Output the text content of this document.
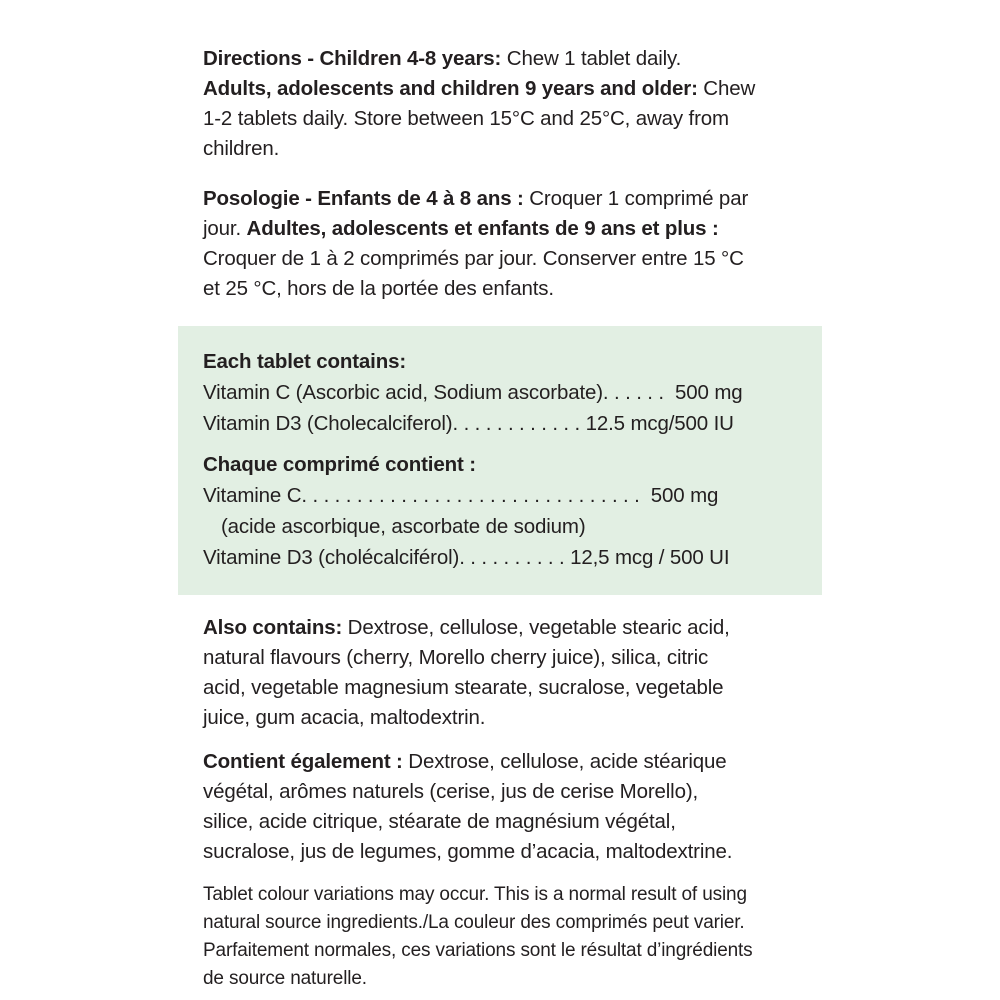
Directions - Children 4-8 years: Chew 1 tablet daily.

Adults, adolescents and children 9 years and older: Chew

1-2 tablets daily. Store between 15°C and 25°C, away from

children.

Posologie - Enfants de 4 à 8 ans : Croquer 1 comprimé par

jour. Adultes, adolescents et enfants de 9 ans et plus :

Croquer de 1 à 2 comprimés par jour. Conserver entre 15 °C

et 25 °C, hors de la portée des enfants.

Each tablet contains:

Vitamin C (Ascorbic acid, Sodium ascorbate). . . . . . 500 mg

Vitamin D3 (Cholecalciferol). . . . . . . . . . . . 12.5 mcg/500 IU

Chaque comprimé contient :

Vitamine C. . . . . . . . . . . . . . . . . . . . . . . . . . . . . . . 500 mg

(acide ascorbique, ascorbate de sodium)

Vitamine D3 (cholécalciférol). . . . . . . . . . 12,5 mcg / 500 UI

Also contains: Dextrose, cellulose, vegetable stearic acid,

natural flavours (cherry, Morello cherry juice), silica, citric

acid, vegetable magnesium stearate, sucralose, vegetable

juice, gum acacia, maltodextrin.

Contient également : Dextrose, cellulose, acide stéarique

végétal, arômes naturels (cerise, jus de cerise Morello),

silice, acide citrique, stéarate de magnésium végétal,

sucralose, jus de legumes, gomme d’acacia, maltodextrine.

Tablet colour variations may occur. This is a normal result of using

natural source ingredients./La couleur des comprimés peut varier.

Parfaitement normales, ces variations sont le résultat d’ingrédients

de source naturelle.
